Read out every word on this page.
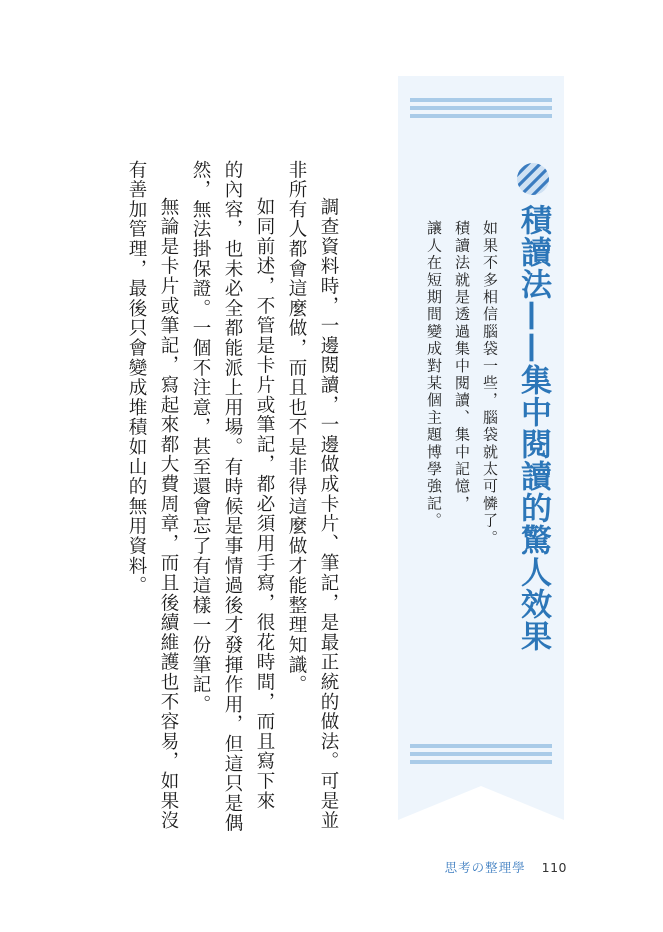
積讀法——集中閱讀的驚人效果
如果不多相信腦袋一些，腦袋就太可憐了。
積讀法就是透過集中閱讀、集中記憶，
讓人在短期間變成對某個主題博學強記。
調查資料時，一邊閱讀，一邊做成卡片、筆記，是最正統的做法。可是並
非所有人都會這麼做，而且也不是非得這麼做才能整理知識。
如同前述，不管是卡片或筆記，都必須用手寫，很花時間，而且寫下來
的內容，也未必全都能派上用場。有時候是事情過後才發揮作用，但這只是偶
然，無法掛保證。一個不注意，甚至還會忘了有這樣一份筆記。
無論是卡片或筆記，寫起來都大費周章，而且後續維護也不容易，如果沒
有善加管理，最後只會變成堆積如山的無用資料。
思考の整理學 110
